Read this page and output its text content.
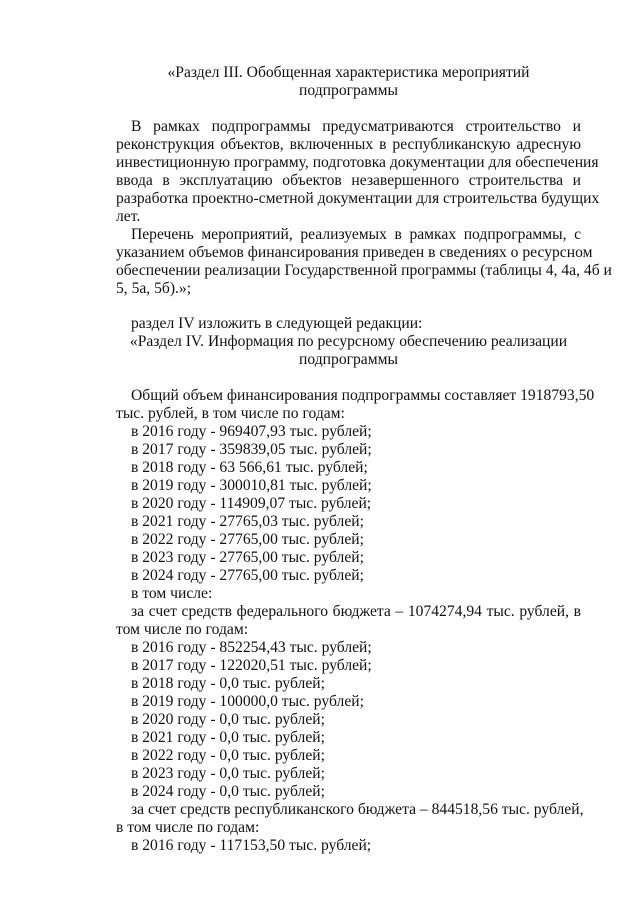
«Раздел III. Обобщенная характеристика мероприятий
подпрограммы
В рамках подпрограммы предусматриваются строительство и
реконструкция объектов, включенных в республиканскую адресную
инвестиционную программу, подготовка документации для обеспечения
ввода в эксплуатацию объектов незавершенного строительства и
разработка проектно-сметной документации для строительства будущих
лет.
Перечень мероприятий, реализуемых в рамках подпрограммы, с
указанием объемов финансирования приведен в сведениях о ресурсном
обеспечении реализации Государственной программы (таблицы 4, 4а, 4б и
5, 5а, 5б).»;
раздел IV изложить в следующей редакции:
«Раздел IV. Информация по ресурсному обеспечению реализации
подпрограммы
Общий объем финансирования подпрограммы составляет 1918793,50
тыс. рублей, в том числе по годам:
в 2016 году - 969407,93 тыс. рублей;
в 2017 году - 359839,05 тыс. рублей;
в 2018 году - 63 566,61 тыс. рублей;
в 2019 году - 300010,81 тыс. рублей;
в 2020 году - 114909,07 тыс. рублей;
в 2021 году - 27765,03 тыс. рублей;
в 2022 году - 27765,00 тыс. рублей;
в 2023 году - 27765,00 тыс. рублей;
в 2024 году - 27765,00 тыс. рублей;
в том числе:
за счет средств федерального бюджета – 1074274,94 тыс. рублей, в
том числе по годам:
в 2016 году - 852254,43 тыс. рублей;
в 2017 году - 122020,51 тыс. рублей;
в 2018 году - 0,0 тыс. рублей;
в 2019 году - 100000,0 тыс. рублей;
в 2020 году - 0,0 тыс. рублей;
в 2021 году - 0,0 тыс. рублей;
в 2022 году - 0,0 тыс. рублей;
в 2023 году - 0,0 тыс. рублей;
в 2024 году - 0,0 тыс. рублей;
за счет средств республиканского бюджета – 844518,56 тыс. рублей,
в том числе по годам:
в 2016 году - 117153,50 тыс. рублей;
